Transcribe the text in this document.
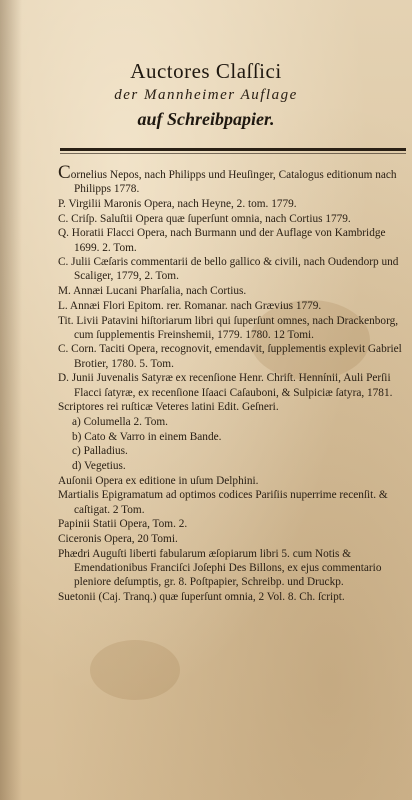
Auctores Claſſici

der Mannheimer Auflage

auf Schreibpapier.

Cornelius Nepos, nach Philipps und Heuſinger, Catalogus editionum nach Philipps 1778.
P. Virgilii Maronis Opera, nach Heyne, 2. tom. 1779.
C. Criſp. Saluſtii Opera quæ ſuperſunt omnia, nach Cortius 1779.
Q. Horatii Flacci Opera, nach Burmann und der Auflage von Kambridge 1699. 2. Tom.
C. Julii Cæſaris commentarii de bello gallico & civili, nach Oudendorp und Scaliger, 1779, 2. Tom.
M. Annæi Lucani Pharſalia, nach Cortius.
L. Annæi Flori Epitom. rer. Romanar. nach Grævius 1779.
Tit. Livii Patavini hiſtoriarum libri qui ſuperſunt omnes, nach Drackenborg, cum ſupplementis Freinshemii, 1779. 1780. 12 Tomi.
C. Corn. Taciti Opera, recognovit, emendavit, ſupplementis explevit Gabriel Brotier, 1780. 5. Tom.
D. Junii Juvenalis Satyræ ex recenſione Henr. Chriſt. Hennínii, Auli Perſii Flacci ſatyræ, ex recenſione Iſaaci Caſauboni, & Sulpiciæ ſatyra, 1781.
Scriptores rei ruſticæ Veteres latini Edit. Geſneri.
a) Columella 2. Tom.
b) Cato & Varro in einem Bande.
c) Palladius.
d) Vegetius.
Auſonii Opera ex editione in uſum Delphini.
Martialis Epigramatum ad optimos codices Pariſiis nuperrime recenſit. & caſtigat. 2 Tom.
Papinii Statii Opera, Tom. 2.
Ciceronis Opera, 20 Tomi.
Phædri Auguſti liberti fabularum æſopiarum libri 5. cum Notis & Emendationibus Franciſci Joſephi Des Billons, ex ejus commentario pleniore deſumptis, gr. 8. Poſtpapier, Schreibp. und Druckp.
Suetonii (Caj. Tranq.) quæ ſuperſunt omnia, 2 Vol. 8. Ch. ſcript.
